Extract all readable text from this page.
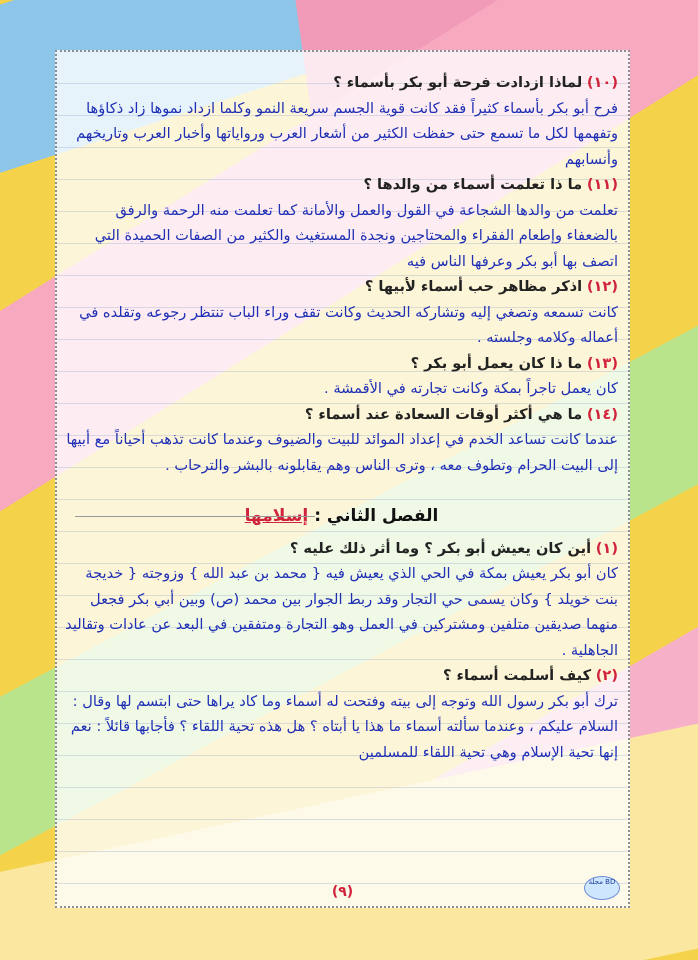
(١٠) لماذا ازدادت فرحة أبو بكر بأسماء ؟

فرح أبو بكر بأسماء كثيراً فقد كانت قوية الجسم سريعة النمو وكلما ازداد نموها زاد ذكاؤها وتفهمها لكل ما تسمع حتى حفظت الكثير من أشعار العرب ورواياتها وأخبار العرب وتاريخهم وأنسابهم

(١١) ما ذا تعلمت أسماء من والدها ؟

تعلمت من والدها الشجاعة في القول والعمل والأمانة كما تعلمت منه الرحمة والرفق بالضعفاء وإطعام الفقراء والمحتاجين ونجدة المستغيث والكثير من الصفات الحميدة التي اتصف بها أبو بكر وعرفها الناس فيه

(١٢) اذكر مظاهر حب أسماء لأبيها ؟

كانت تسمعه وتصغي إليه وتشاركه الحديث وكانت تقف وراء الباب تنتظر رجوعه وتقلده في أعماله وكلامه وجلسته .

(١٣) ما ذا كان يعمل أبو بكر ؟

كان يعمل تاجراً بمكة وكانت تجارته في الأقمشة .

(١٤) ما هي أكثر أوقات السعادة عند أسماء ؟

عندما كانت تساعد الخدم في إعداد الموائد للبيت والضيوف وعندما كانت تذهب أحياناً مع أبيها إلى البيت الحرام وتطوف معه ، وترى الناس وهم يقابلونه بالبشر والترحاب .

الفصل الثاني : إسلامها

(١) أين كان يعيش أبو بكر ؟ وما أثر ذلك عليه ؟

كان أبو بكر يعيش بمكة في الحي الذي يعيش فيه { محمد بن عبد الله } وزوجته { خديجة بنت خويلد } وكان يسمى حي التجار وقد ربط الجوار بين محمد (ص) وبين أبي بكر فجعل منهما صديقين متلفين ومشتركين في العمل وهو التجارة ومتفقين في البعد عن عادات وتقاليد الجاهلية .

(٢) كيف أسلمت أسماء ؟

ترك أبو بكر رسول الله وتوجه إلى بيته وفتحت له أسماء وما كاد يراها حتى ابتسم لها وقال : السلام عليكم ، وعندما سألته أسماء ما هذا يا أبتاه ؟ هل هذه تحية اللقاء ؟ فأجابها قائلاً : نعم إنها تحية الإسلام وهي تحية اللقاء للمسلمين

(٩)
مجلة BD
